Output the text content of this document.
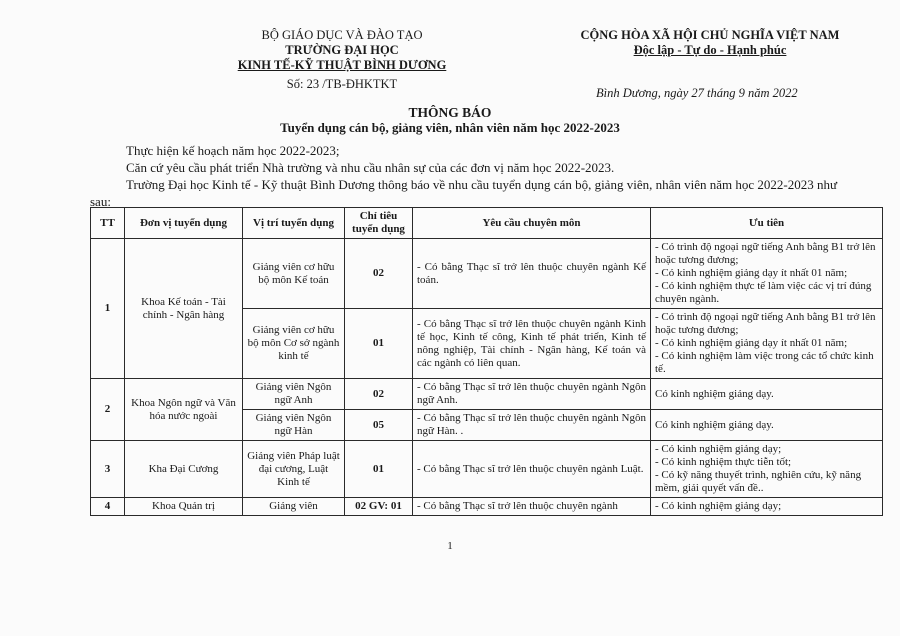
BỘ GIÁO DỤC VÀ ĐÀO TẠO
TRƯỜNG ĐẠI HỌC
KINH TẾ-KỸ THUẬT BÌNH DƯƠNG
Số: 23 /TB-ĐHKTKT
CỘNG HÒA XÃ HỘI CHỦ NGHĨA VIỆT NAM
Độc lập - Tự do - Hạnh phúc
Bình Dương, ngày 27 tháng 9 năm 2022
THÔNG BÁO
Tuyển dụng cán bộ, giảng viên, nhân viên năm học 2022-2023

Thực hiện kế hoạch năm học 2022-2023;

Căn cứ yêu cầu phát triển Nhà trường và nhu cầu nhân sự của các đơn vị năm học 2022-2023.

Trường Đại học Kinh tế - Kỹ thuật Bình Dương thông báo về nhu cầu tuyển dụng cán bộ, giảng viên, nhân viên năm học 2022-2023 như

sau:

TT	Đơn vị tuyển dụng	Vị trí tuyển dụng	Chỉ tiêu tuyển dụng	Yêu cầu chuyên môn	Ưu tiên
1	Khoa Kế toán - Tài chính - Ngân hàng	Giảng viên cơ hữu bộ môn Kế toán	02	- Có bằng Thạc sĩ trở lên thuộc chuyên ngành Kế toán.	- Có trình độ ngoại ngữ tiếng Anh bằng B1 trở lên hoặc tương đương;
- Có kinh nghiệm giảng dạy ít nhất 01 năm;
- Có kinh nghiệm thực tế làm việc các vị trí đúng chuyên ngành.
		Giảng viên cơ hữu bộ môn Cơ sở ngành kinh tế	01	- Có bằng Thạc sĩ trở lên thuộc chuyên ngành Kinh tế học, Kinh tế công, Kinh tế phát triển, Kinh tế nông nghiệp, Tài chính - Ngân hàng, Kế toán và các ngành có liên quan.	- Có trình độ ngoại ngữ tiếng Anh bằng B1 trở lên hoặc tương đương;
- Có kinh nghiệm giảng dạy ít nhất 01 năm;
- Có kinh nghiệm làm việc trong các tổ chức kinh tế.
2	Khoa Ngôn ngữ và Văn hóa nước ngoài	Giảng viên Ngôn ngữ Anh	02	- Có bằng Thạc sĩ trở lên thuộc chuyên ngành Ngôn ngữ Anh.	Có kinh nghiệm giảng dạy.
		Giảng viên Ngôn ngữ Hàn	05	- Có bằng Thạc sĩ trở lên thuộc chuyên ngành Ngôn ngữ Hàn. .	Có kinh nghiệm giảng dạy.
3	Kha Đại Cương	Giảng viên Pháp luật đại cương, Luật Kinh tế	01	- Có bằng Thạc sĩ trở lên thuộc chuyên ngành Luật.	- Có kinh nghiệm giảng dạy;
- Có kinh nghiệm thực tiễn tốt;
- Có kỹ năng thuyết trình, nghiên cứu, kỹ năng mềm, giải quyết vấn đề..
4	Khoa Quản trị	Giảng viên	02 GV: 01	- Có bằng Thạc sĩ trở lên thuộc chuyên ngành	- Có kinh nghiệm giảng dạy;
1
